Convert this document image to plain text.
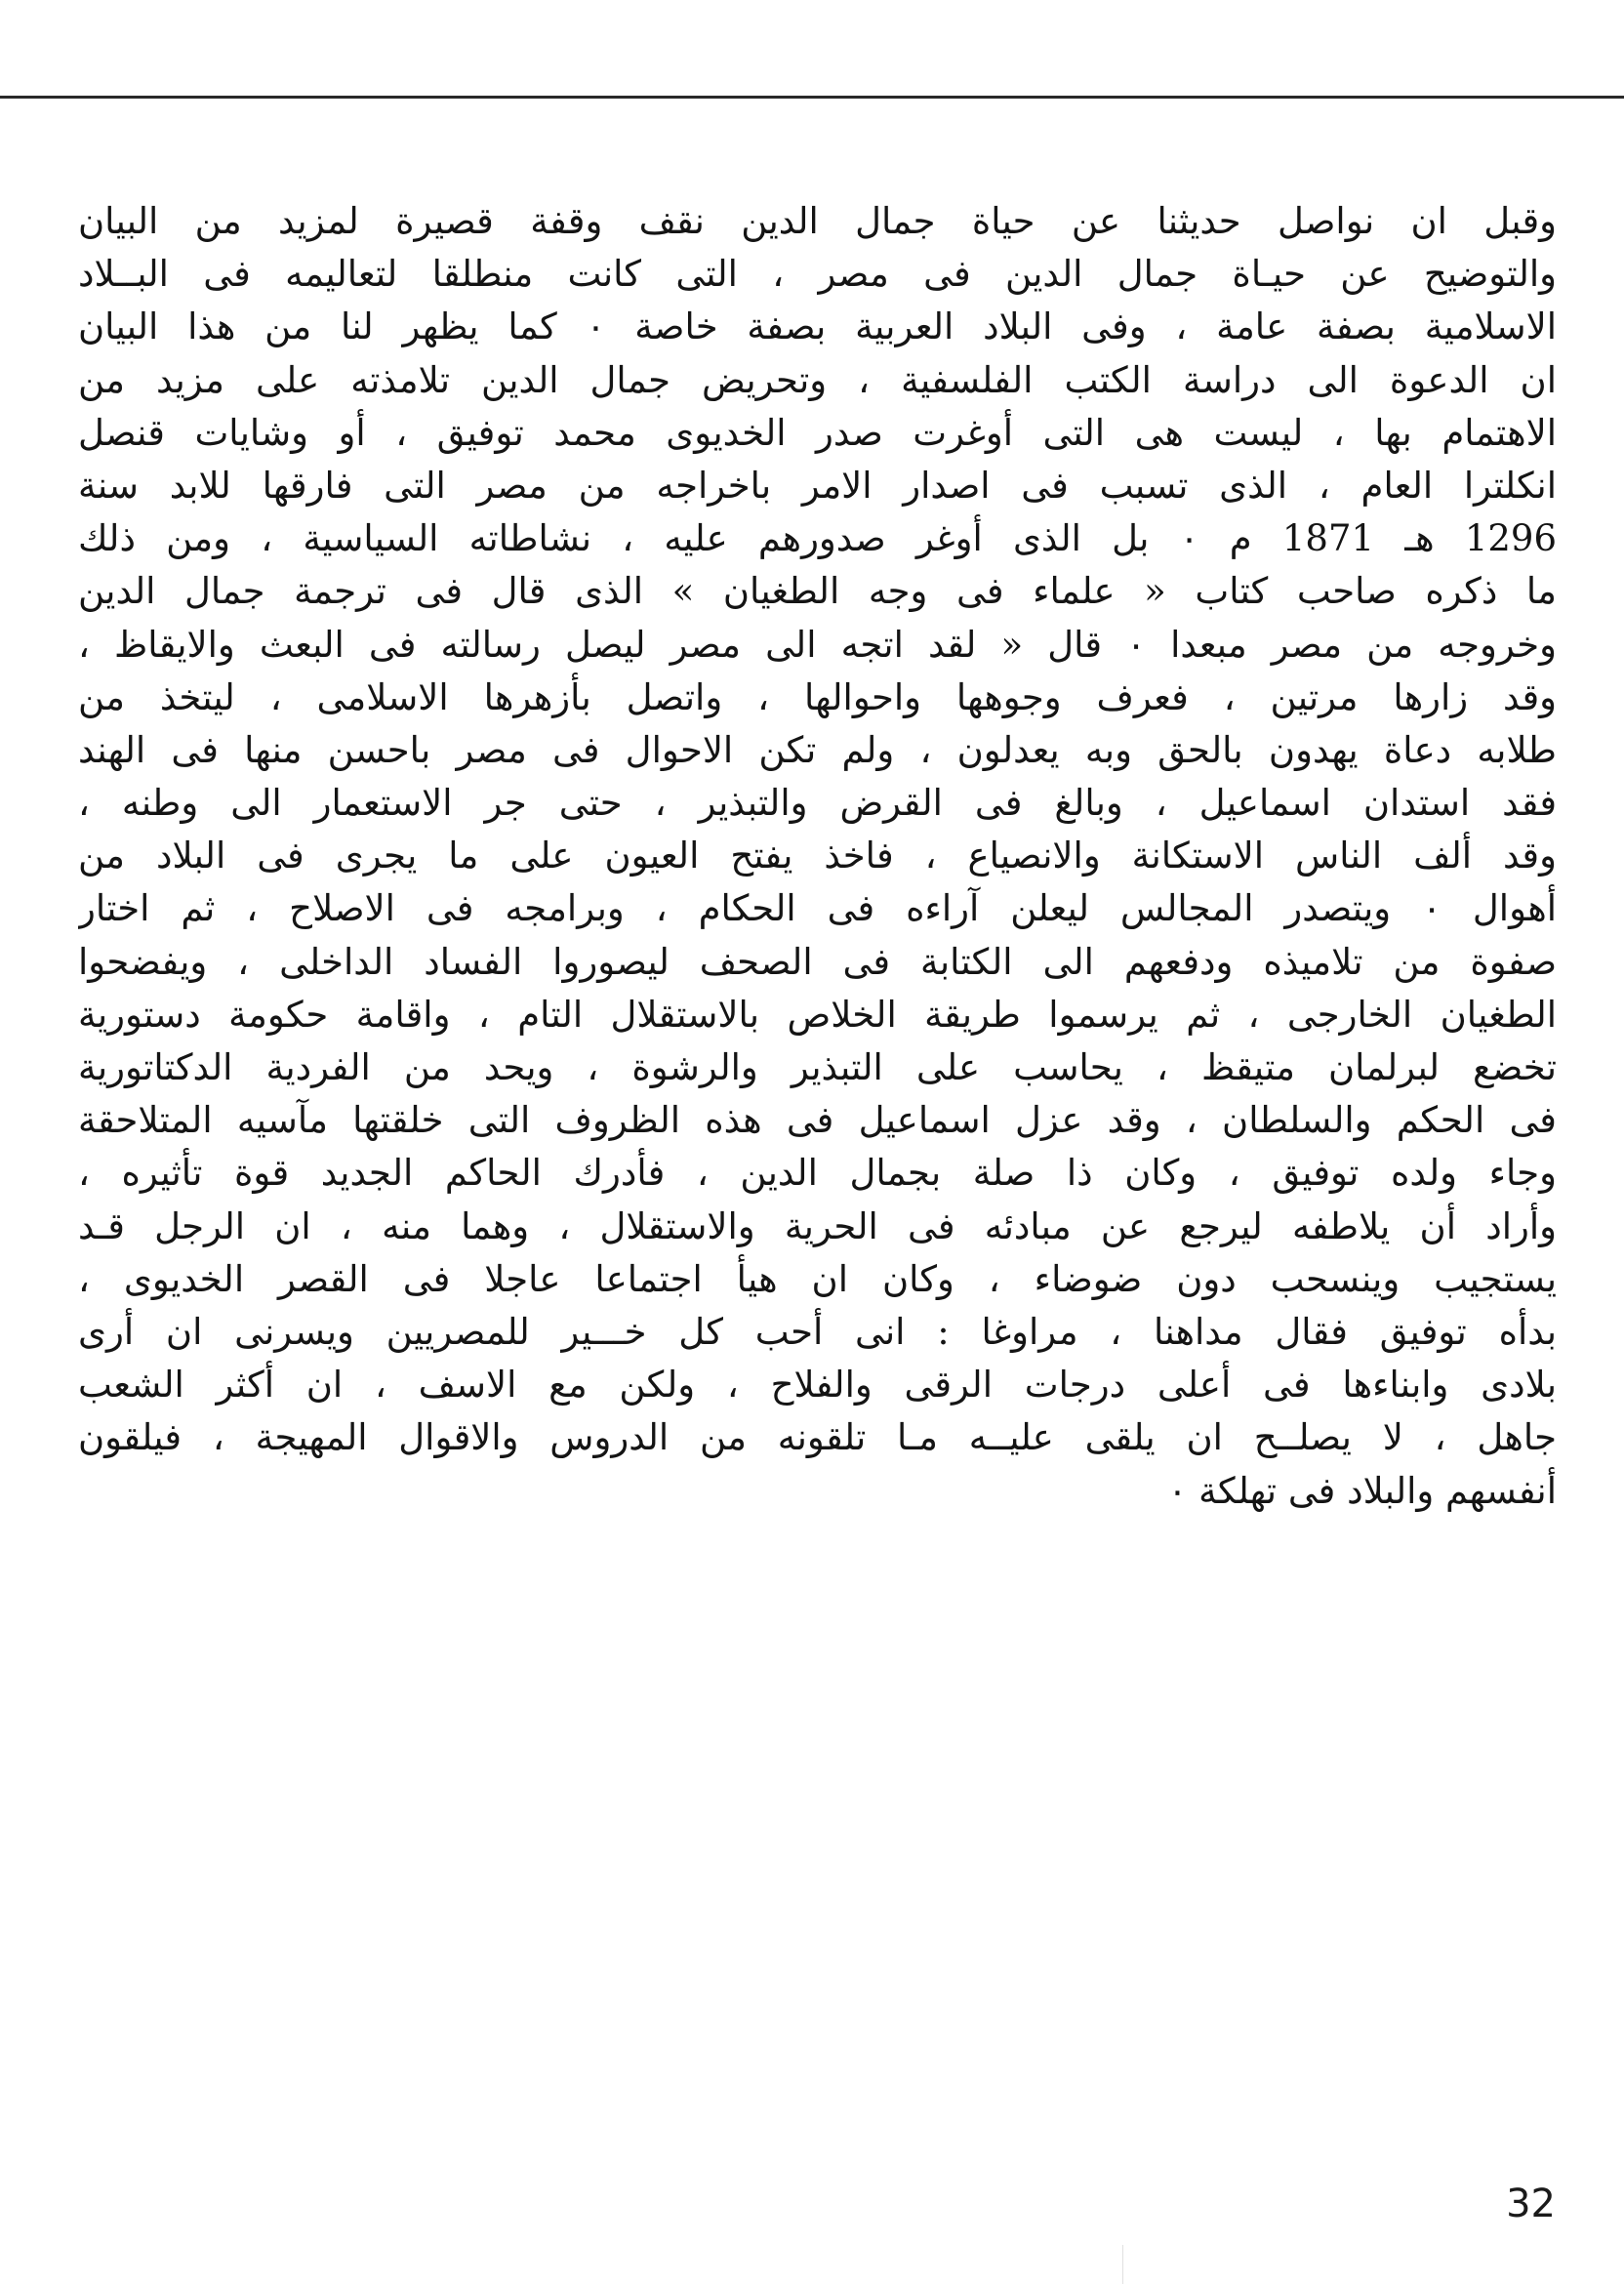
وقبل ان نواصل حديثنا عن حياة جمال الدين نقف وقفة قصيرة لمزيد من البيان
والتوضيح عن حيـاة جمال الدين فى مصر ، التى كانت منطلقا لتعاليمه فى البــلاد
الاسلامية بصفة عامة ، وفى البلاد العربية بصفة خاصة ٠ كما يظهر لنا من هذا البيان
ان الدعوة الى دراسة الكتب الفلسفية ، وتحريض جمال الدين تلامذته على مزيد من
الاهتمام بها ، ليست هى التى أوغرت صدر الخديوى محمد توفيق ، أو وشايات قنصل
انكلترا العام ، الذى تسبب فى اصدار الامر باخراجه من مصر التى فارقها للابد سنة
1296 هـ 1871 م ٠ بل الذى أوغر صدورهم عليه ، نشاطاته السياسية ، ومن ذلك
ما ذكره صاحب كتاب « علماء فى وجه الطغيان » الذى قال فى ترجمة جمال الدين
وخروجه من مصر مبعدا ٠ قال « لقد اتجه الى مصر ليصل رسالته فى البعث والايقاظ ،
وقد زارها مرتين ، فعرف وجوهها واحوالها ، واتصل بأزهرها الاسلامى ، ليتخذ من
طلابه دعاة يهدون بالحق وبه يعدلون ، ولم تكن الاحوال فى مصر باحسن منها فى الهند
فقد استدان اسماعيل ، وبالغ فى القرض والتبذير ، حتى جر الاستعمار الى وطنه ،
وقد ألف الناس الاستكانة والانصياع ، فاخذ يفتح العيون على ما يجرى فى البلاد من
أهوال ٠ ويتصدر المجالس ليعلن آراءه فى الحكام ، وبرامجه فى الاصلاح ، ثم اختار
صفوة من تلاميذه ودفعهم الى الكتابة فى الصحف ليصوروا الفساد الداخلى ، ويفضحوا
الطغيان الخارجى ، ثم يرسموا طريقة الخلاص بالاستقلال التام ، واقامة حكومة دستورية
تخضع لبرلمان متيقظ ، يحاسب على التبذير والرشوة ، ويحد من الفردية الدكتاتورية
فى الحكم والسلطان ، وقد عزل اسماعيل فى هذه الظروف التى خلقتها مآسيه المتلاحقة
وجاء ولده توفيق ، وكان ذا صلة بجمال الدين ، فأدرك الحاكم الجديد قوة تأثيره ،
وأراد أن يلاطفه ليرجع عن مبادئه فى الحرية والاستقلال ، وهما منه ، ان الرجل قـد
يستجيب وينسحب دون ضوضاء ، وكان ان هيأ اجتماعا عاجلا فى القصر الخديوى ،
بدأه توفيق فقال مداهنا ، مراوغا : انى أحب كل خـــير للمصريين ويسرنى ان أرى
بلادى وابناءها فى أعلى درجات الرقى والفلاح ، ولكن مع الاسف ، ان أكثر الشعب
جاهل ، لا يصلــح ان يلقى عليــه مـا تلقونه من الدروس والاقوال المهيجة ، فيلقون
أنفسهم والبلاد فى تهلكة ٠
32
